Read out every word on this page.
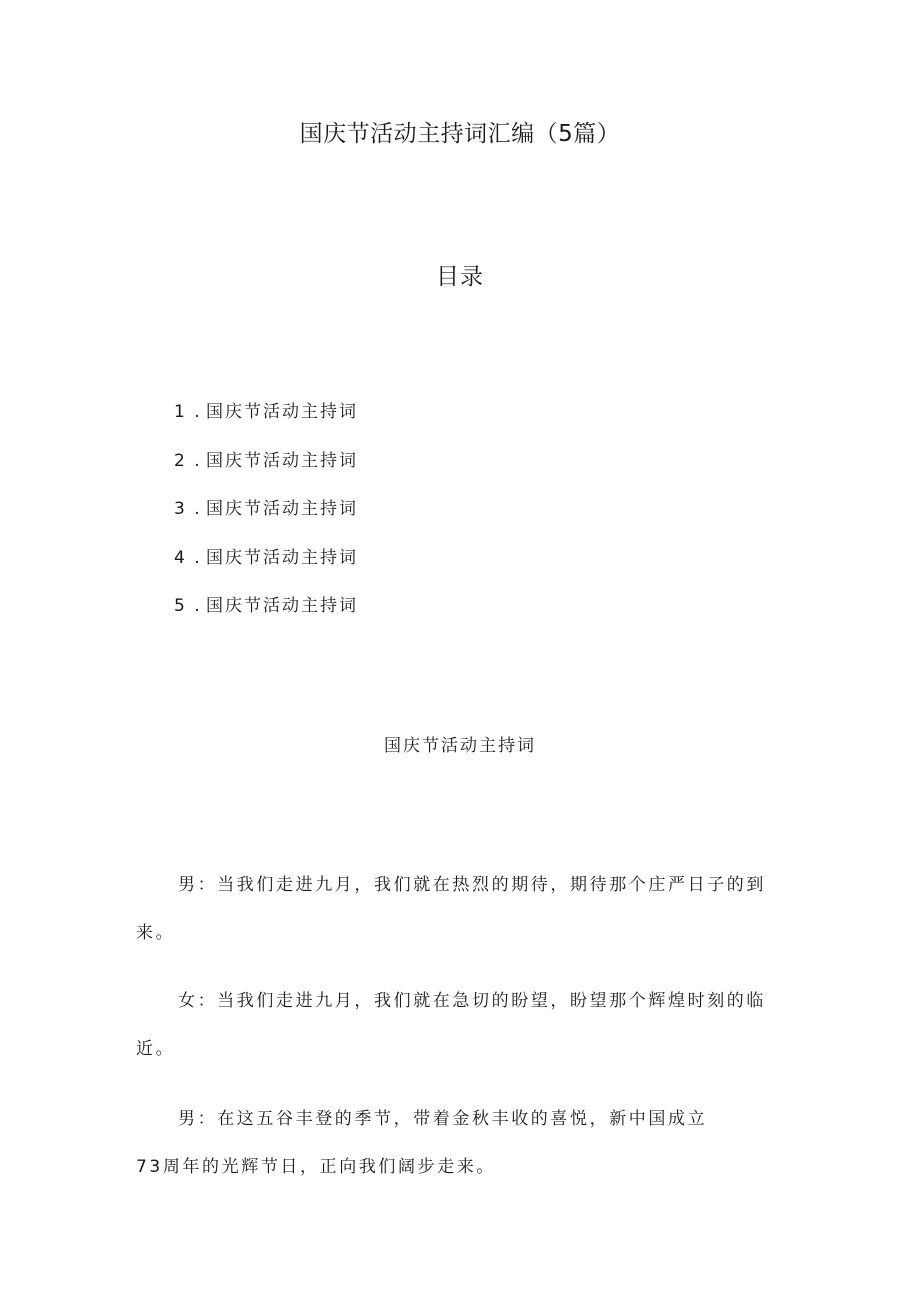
国庆节活动主持词汇编（5篇）
目录
1 . 国庆节活动主持词
2 . 国庆节活动主持词
3 . 国庆节活动主持词
4 . 国庆节活动主持词
5 . 国庆节活动主持词
国庆节活动主持词
男：当我们走进九月，我们就在热烈的期待，期待那个庄严日子的到
来。
女：当我们走进九月，我们就在急切的盼望，盼望那个辉煌时刻的临
近。
男：在这五谷丰登的季节，带着金秋丰收的喜悦，新中国成立
73周年的光辉节日，正向我们阔步走来。
